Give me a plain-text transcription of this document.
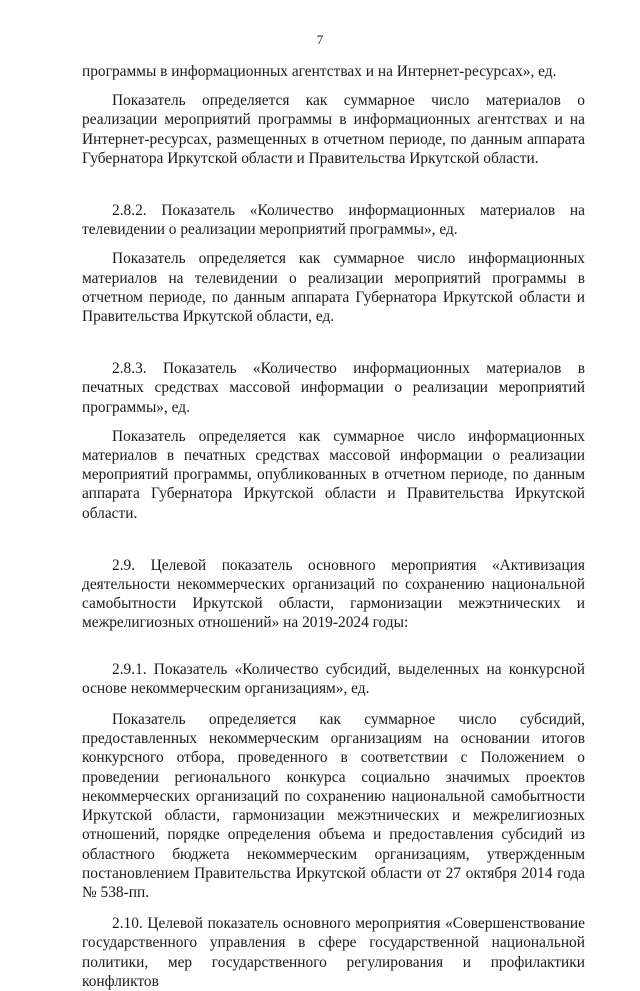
7

программы в информационных агентствах и на Интернет-ресурсах», ед.

Показатель определяется как суммарное число материалов о реализации мероприятий программы в информационных агентствах и на Интернет-ресурсах, размещенных в отчетном периоде, по данным аппарата Губернатора Иркутской области и Правительства Иркутской области.

2.8.2. Показатель «Количество информационных материалов на телевидении о реализации мероприятий программы», ед.

Показатель определяется как суммарное число информационных материалов на телевидении о реализации мероприятий программы в отчетном периоде, по данным аппарата Губернатора Иркутской области и Правительства Иркутской области, ед.

2.8.3. Показатель «Количество информационных материалов в печатных средствах массовой информации о реализации мероприятий программы», ед.

Показатель определяется как суммарное число информационных материалов в печатных средствах массовой информации о реализации мероприятий программы, опубликованных в отчетном периоде, по данным аппарата Губернатора Иркутской области и Правительства Иркутской области.

2.9. Целевой показатель основного мероприятия «Активизация деятельности некоммерческих организаций по сохранению национальной самобытности Иркутской области, гармонизации межэтнических и межрелигиозных отношений» на 2019-2024 годы:

2.9.1. Показатель «Количество субсидий, выделенных на конкурсной основе некоммерческим организациям», ед.

Показатель определяется как суммарное число субсидий, предоставленных некоммерческим организациям на основании итогов конкурсного отбора, проведенного в соответствии с Положением о проведении регионального конкурса социально значимых проектов некоммерческих организаций по сохранению национальной самобытности Иркутской области, гармонизации межэтнических и межрелигиозных отношений, порядке определения объема и предоставления субсидий из областного бюджета некоммерческим организациям, утвержденным постановлением Правительства Иркутской области от 27 октября 2014 года № 538-пп.

2.10. Целевой показатель основного мероприятия «Совершенствование государственного управления в сфере государственной национальной политики, мер государственного регулирования и профилактики конфликтов
